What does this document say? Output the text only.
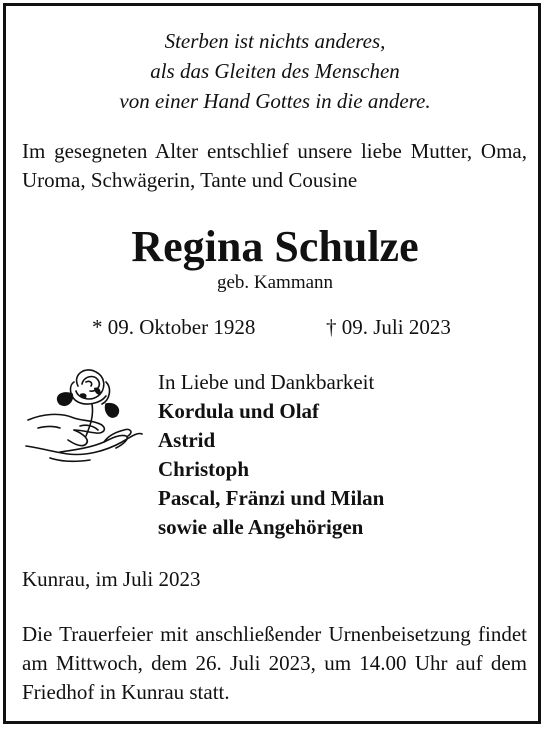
Sterben ist nichts anderes,
als das Gleiten des Menschen
von einer Hand Gottes in die andere.
Im gesegneten Alter entschlief unsere liebe Mutter, Oma, Uroma, Schwägerin, Tante und Cousine
Regina Schulze
geb. Kammann
* 09. Oktober 1928	† 09. Juli 2023
In Liebe und Dankbarkeit
Kordula und Olaf
Astrid
Christoph
Pascal, Fränzi und Milan
sowie alle Angehörigen
Kunrau, im Juli 2023
Die Trauerfeier mit anschließender Urnenbeisetzung findet am Mittwoch, dem 26. Juli 2023, um 14.00 Uhr auf dem Friedhof in Kunrau statt.
